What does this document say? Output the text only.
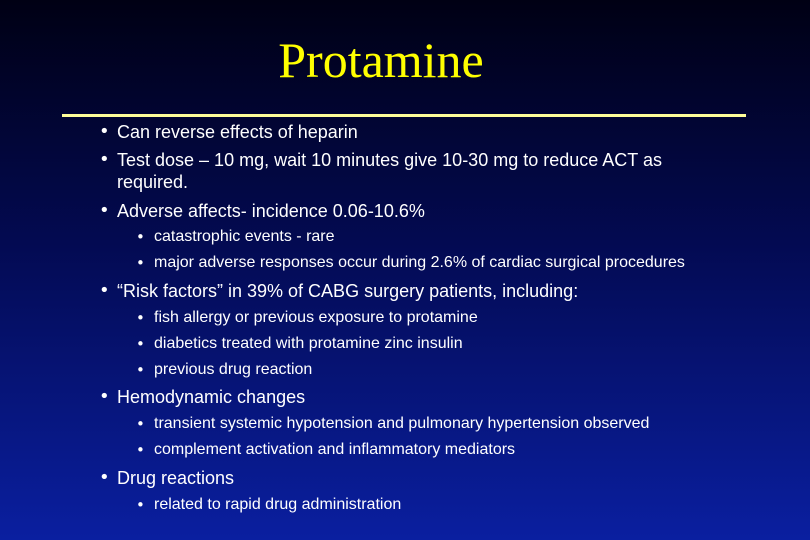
Protamine
• Can reverse effects of heparin
• Test dose – 10 mg, wait 10 minutes give 10-30 mg to reduce ACT as
required.
• Adverse affects- incidence 0.06-10.6%
• catastrophic events - rare
• major adverse responses occur during 2.6% of cardiac surgical procedures
• “Risk factors” in 39% of CABG surgery patients, including:
• fish allergy or previous exposure to protamine
• diabetics treated with protamine zinc insulin
• previous drug reaction
• Hemodynamic changes
• transient systemic hypotension and pulmonary hypertension observed
• complement activation and inflammatory mediators
• Drug reactions
• related to rapid drug administration
